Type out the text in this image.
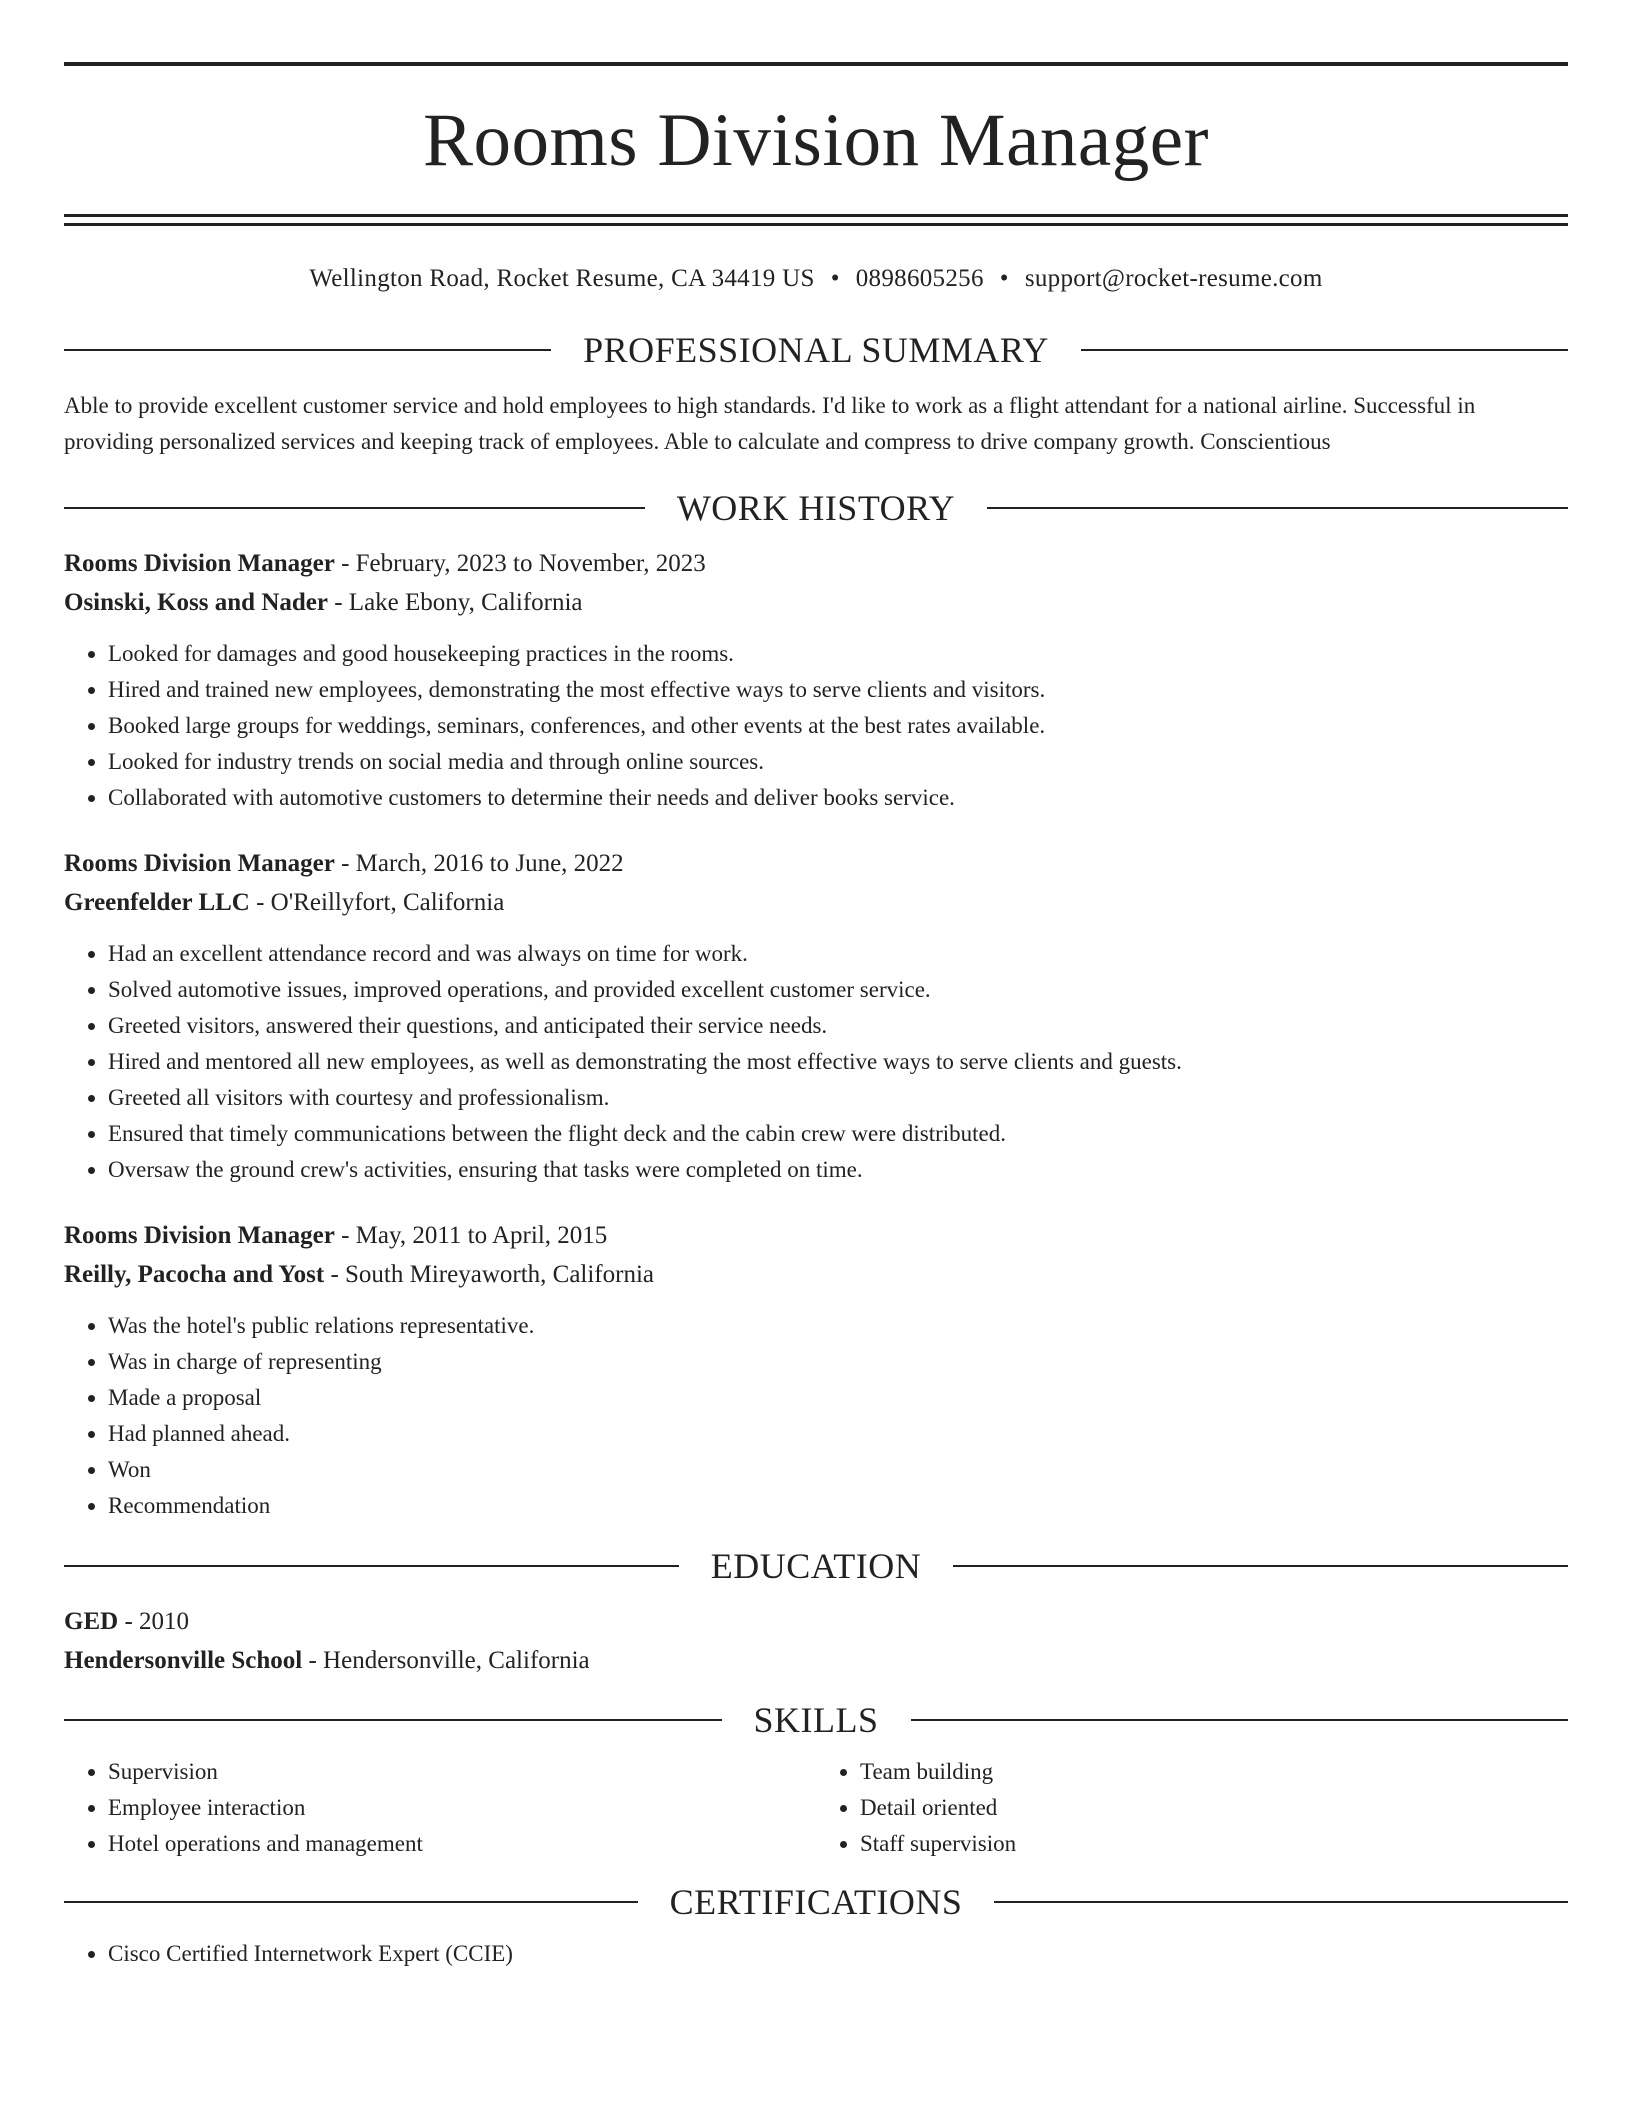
Rooms Division Manager
Wellington Road, Rocket Resume, CA 34419 US • 0898605256 • support@rocket-resume.com
PROFESSIONAL SUMMARY
Able to provide excellent customer service and hold employees to high standards. I'd like to work as a flight attendant for a national airline. Successful in providing personalized services and keeping track of employees. Able to calculate and compress to drive company growth. Conscientious
WORK HISTORY
Rooms Division Manager - February, 2023 to November, 2023
Osinski, Koss and Nader - Lake Ebony, California
• Looked for damages and good housekeeping practices in the rooms.
• Hired and trained new employees, demonstrating the most effective ways to serve clients and visitors.
• Booked large groups for weddings, seminars, conferences, and other events at the best rates available.
• Looked for industry trends on social media and through online sources.
• Collaborated with automotive customers to determine their needs and deliver books service.
Rooms Division Manager - March, 2016 to June, 2022
Greenfelder LLC - O'Reillyfort, California
• Had an excellent attendance record and was always on time for work.
• Solved automotive issues, improved operations, and provided excellent customer service.
• Greeted visitors, answered their questions, and anticipated their service needs.
• Hired and mentored all new employees, as well as demonstrating the most effective ways to serve clients and guests.
• Greeted all visitors with courtesy and professionalism.
• Ensured that timely communications between the flight deck and the cabin crew were distributed.
• Oversaw the ground crew's activities, ensuring that tasks were completed on time.
Rooms Division Manager - May, 2011 to April, 2015
Reilly, Pacocha and Yost - South Mireyaworth, California
• Was the hotel's public relations representative.
• Was in charge of representing
• Made a proposal
• Had planned ahead.
• Won
• Recommendation
EDUCATION
GED - 2010
Hendersonville School - Hendersonville, California
SKILLS
• Supervision
• Employee interaction
• Hotel operations and management
• Team building
• Detail oriented
• Staff supervision
CERTIFICATIONS
• Cisco Certified Internetwork Expert (CCIE)
